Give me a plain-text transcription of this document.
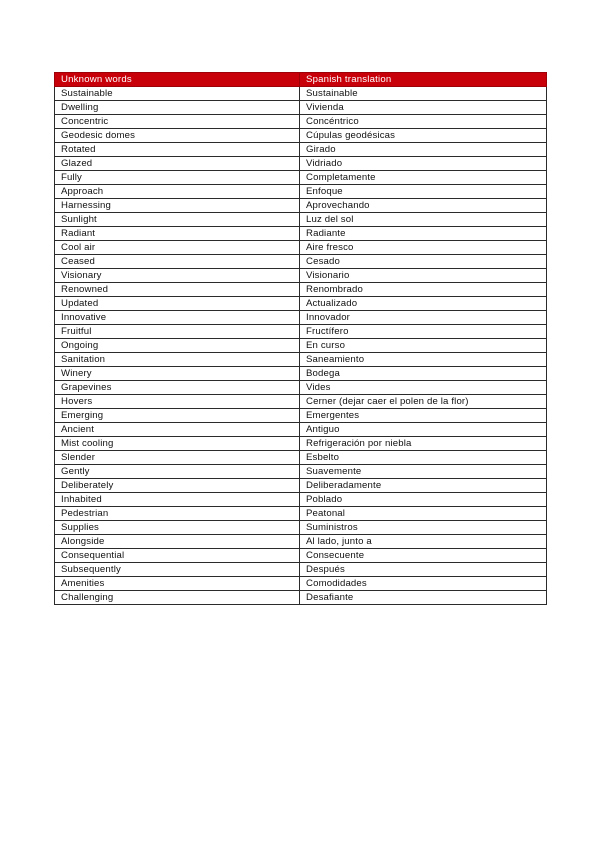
Unknown words	Spanish translation
Sustainable	Sustainable
Dwelling	Vivienda
Concentric	Concéntrico
Geodesic domes	Cúpulas geodésicas
Rotated	Girado
Glazed	Vidriado
Fully	Completamente
Approach	Enfoque
Harnessing	Aprovechando
Sunlight	Luz del sol
Radiant	Radiante
Cool air	Aire fresco
Ceased	Cesado
Visionary	Visionario
Renowned	Renombrado
Updated	Actualizado
Innovative	Innovador
Fruitful	Fructífero
Ongoing	En curso
Sanitation	Saneamiento
Winery	Bodega
Grapevines	Vides
Hovers	Cerner (dejar caer el polen de la flor)
Emerging	Emergentes
Ancient	Antiguo
Mist cooling	Refrigeración por niebla
Slender	Esbelto
Gently	Suavemente
Deliberately	Deliberadamente
Inhabited	Poblado
Pedestrian	Peatonal
Supplies	Suministros
Alongside	Al lado, junto a
Consequential	Consecuente
Subsequently	Después
Amenities	Comodidades
Challenging	Desafiante
